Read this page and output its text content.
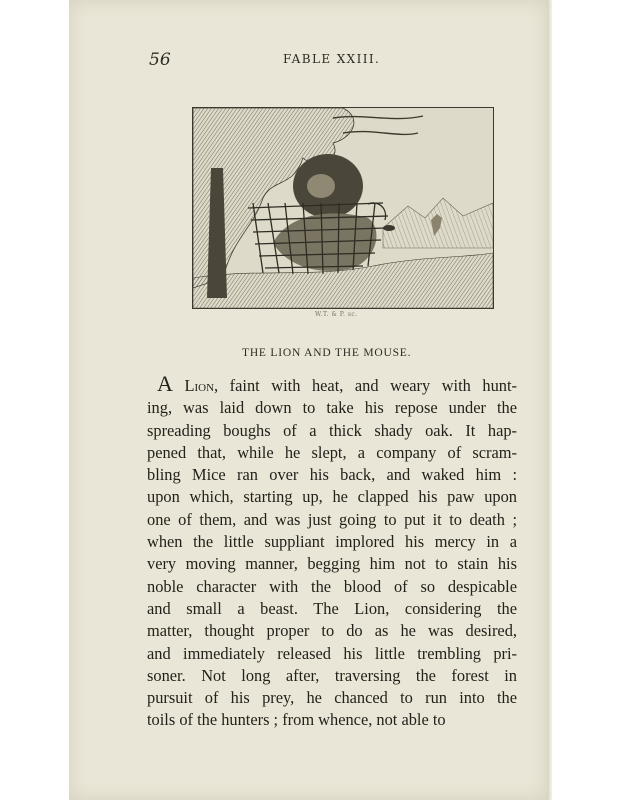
56	FABLE XXIII.
W.T. & P. sc.
THE LION AND THE MOUSE.
A Lion, faint with heat, and weary with hunt-
ing, was laid down to take his repose under the
spreading boughs of a thick shady oak. It hap-
pened that, while he slept, a company of scram-
bling Mice ran over his back, and waked him :
upon which, starting up, he clapped his paw upon
one of them, and was just going to put it to death ;
when the little suppliant implored his mercy in a
very moving manner, begging him not to stain his
noble character with the blood of so despicable
and small a beast. The Lion, considering the
matter, thought proper to do as he was desired,
and immediately released his little trembling pri-
soner. Not long after, traversing the forest in
pursuit of his prey, he chanced to run into the
toils of the hunters ; from whence, not able to
